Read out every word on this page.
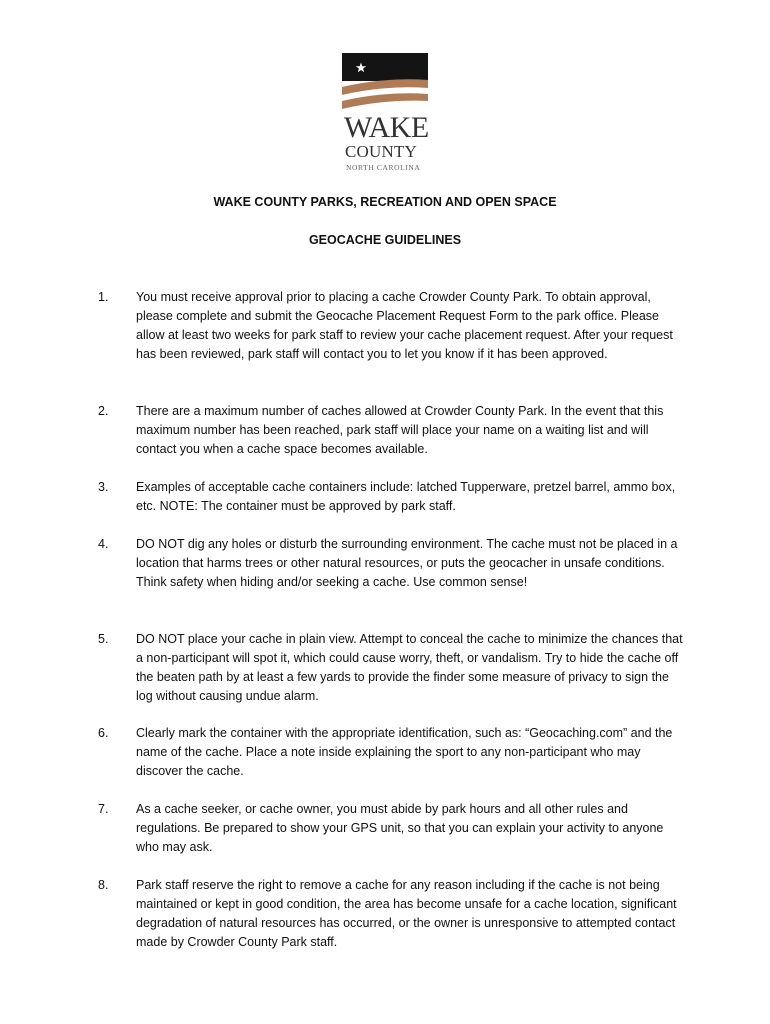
WAKE
COUNTY
NORTH CAROLINA
WAKE COUNTY PARKS, RECREATION AND OPEN SPACE
GEOCACHE GUIDELINES
1.	You must receive approval prior to placing a cache Crowder County Park. To obtain approval, please complete and submit the Geocache Placement Request Form to the park office. Please allow at least two weeks for park staff to review your cache placement request. After your request has been reviewed, park staff will contact you to let you know if it has been approved.

2.	There are a maximum number of caches allowed at Crowder County Park. In the event that this maximum number has been reached, park staff will place your name on a waiting list and will contact you when a cache space becomes available.

3.	Examples of acceptable cache containers include: latched Tupperware, pretzel barrel, ammo box, etc. NOTE: The container must be approved by park staff.

4.	DO NOT dig any holes or disturb the surrounding environment. The cache must not be placed in a location that harms trees or other natural resources, or puts the geocacher in unsafe conditions. Think safety when hiding and/or seeking a cache. Use common sense!

5.	DO NOT place your cache in plain view. Attempt to conceal the cache to minimize the chances that a non-participant will spot it, which could cause worry, theft, or vandalism. Try to hide the cache off the beaten path by at least a few yards to provide the finder some measure of privacy to sign the log without causing undue alarm.

6.	Clearly mark the container with the appropriate identification, such as: “Geocaching.com” and the name of the cache. Place a note inside explaining the sport to any non-participant who may discover the cache.

7.	As a cache seeker, or cache owner, you must abide by park hours and all other rules and regulations. Be prepared to show your GPS unit, so that you can explain your activity to anyone who may ask.

8.	Park staff reserve the right to remove a cache for any reason including if the cache is not being maintained or kept in good condition, the area has become unsafe for a cache location, significant degradation of natural resources has occurred, or the owner is unresponsive to attempted contact made by Crowder County Park staff.
